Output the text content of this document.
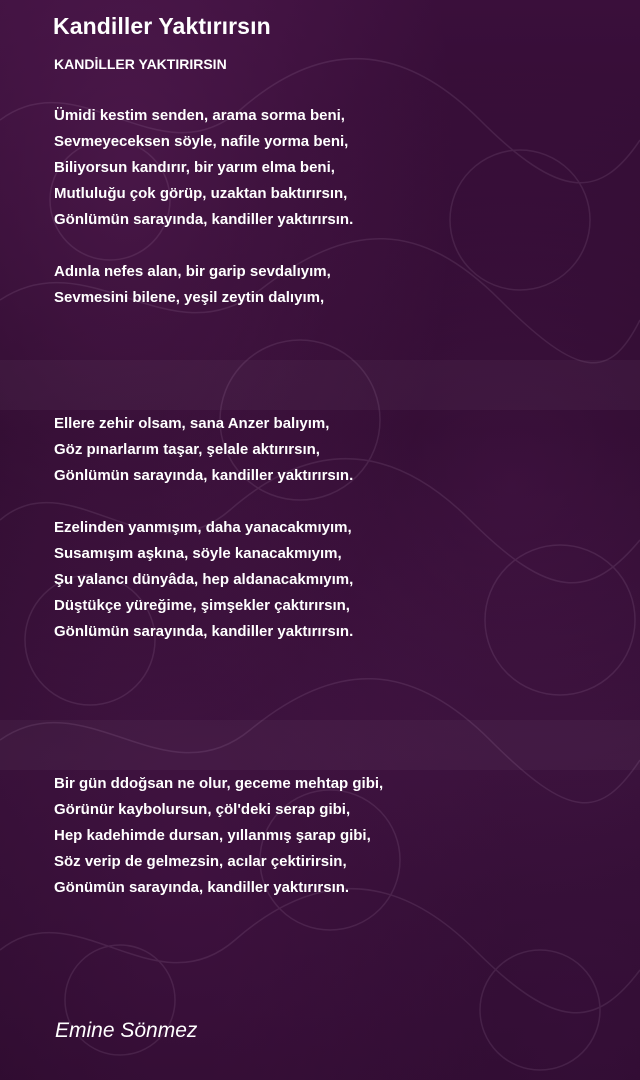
Kandiller Yaktırırsın
KANDİLLER YAKTIRIRSIN
Ümidi kestim senden, arama sorma beni,
Sevmeyeceksen söyle, nafile yorma beni,
Biliyorsun kandırır, bir yarım elma beni,
Mutluluğu çok görüp, uzaktan baktırırsın,
Gönlümün sarayında, kandiller yaktırırsın.
Adınla nefes alan, bir garip sevdalıyım,
Sevmesini bilene, yeşil zeytin dalıyım,
Ellere zehir olsam, sana Anzer balıyım,
Göz pınarlarım taşar, şelale aktırırsın,
Gönlümün sarayında, kandiller yaktırırsın.
Ezelinden yanmışım, daha yanacakmıyım,
Susamışım aşkına, söyle kanacakmıyım,
Şu yalancı dünyâda, hep aldanacakmıyım,
Düştükçe yüreğime, şimşekler çaktırırsın,
Gönlümün sarayında, kandiller yaktırırsın.
Bir gün ddoğsan ne olur, geceme mehtap gibi,
Görünür kaybolursun, çöl'deki serap gibi,
Hep kadehimde dursan, yıllanmış şarap gibi,
Söz verip de gelmezsin, acılar çektirirsin,
Gönümün sarayında, kandiller yaktırırsın.
Emine Sönmez
